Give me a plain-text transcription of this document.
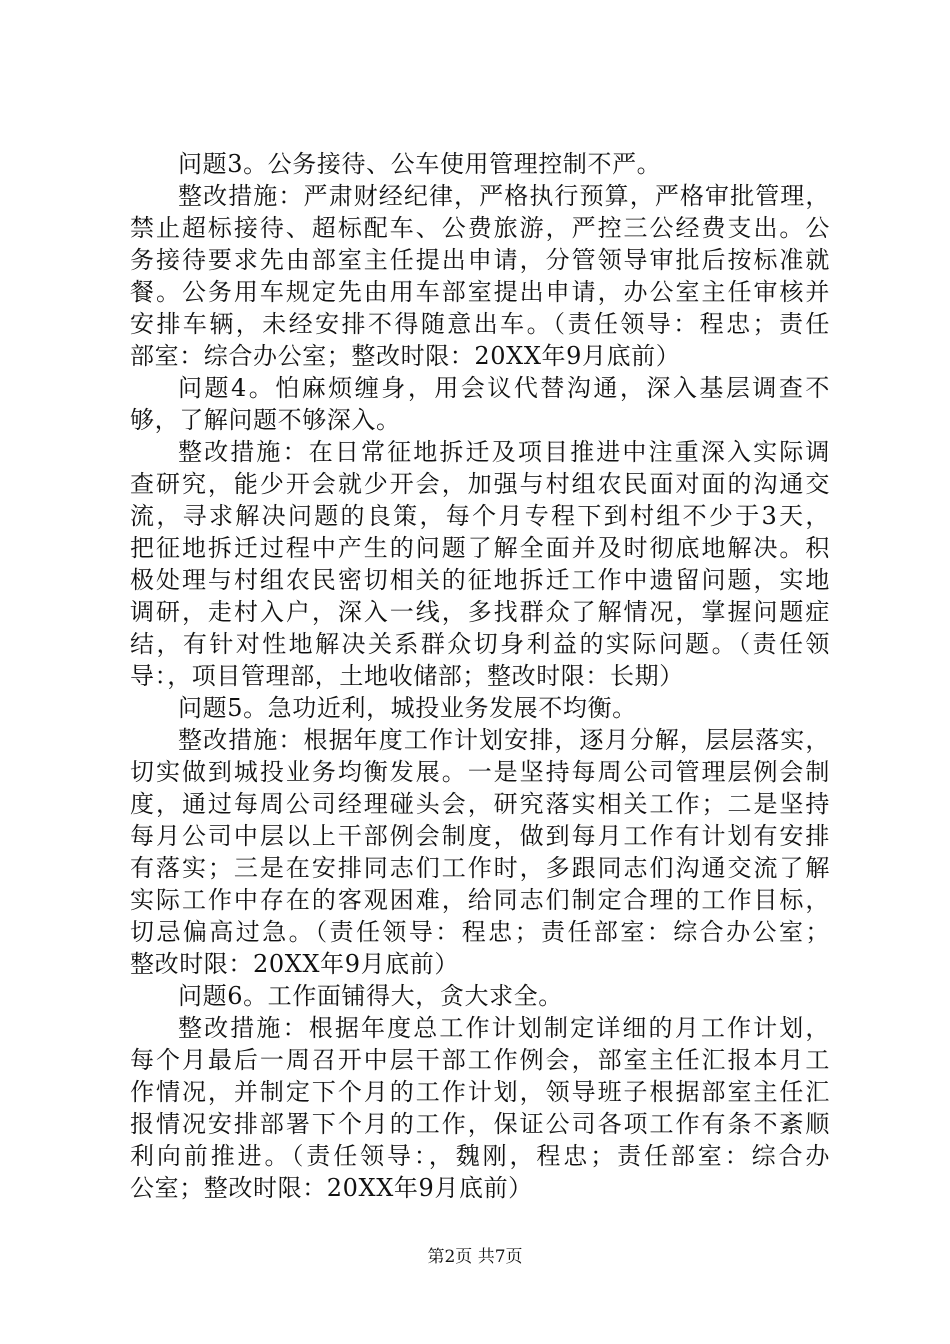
问题3。公务接待、公车使用管理控制不严。
整改措施：严肃财经纪律，严格执行预算，严格审批管理，
禁止超标接待、超标配车、公费旅游，严控三公经费支出。公
务接待要求先由部室主任提出申请，分管领导审批后按标准就
餐。公务用车规定先由用车部室提出申请，办公室主任审核并
安排车辆，未经安排不得随意出车。（责任领导：程忠；责任
部室：综合办公室；整改时限：20XX年9月底前）
问题4。怕麻烦缠身，用会议代替沟通，深入基层调查不
够，了解问题不够深入。
整改措施：在日常征地拆迁及项目推进中注重深入实际调
查研究，能少开会就少开会，加强与村组农民面对面的沟通交
流，寻求解决问题的良策，每个月专程下到村组不少于3天，
把征地拆迁过程中产生的问题了解全面并及时彻底地解决。积
极处理与村组农民密切相关的征地拆迁工作中遗留问题，实地
调研，走村入户，深入一线，多找群众了解情况，掌握问题症
结，有针对性地解决关系群众切身利益的实际问题。（责任领
导：，项目管理部，土地收储部；整改时限：长期）
问题5。急功近利，城投业务发展不均衡。
整改措施：根据年度工作计划安排，逐月分解，层层落实，
切实做到城投业务均衡发展。一是坚持每周公司管理层例会制
度，通过每周公司经理碰头会，研究落实相关工作；二是坚持
每月公司中层以上干部例会制度，做到每月工作有计划有安排
有落实；三是在安排同志们工作时，多跟同志们沟通交流了解
实际工作中存在的客观困难，给同志们制定合理的工作目标，
切忌偏高过急。（责任领导：程忠；责任部室：综合办公室；
整改时限：20XX年9月底前）
问题6。工作面铺得大，贪大求全。
整改措施：根据年度总工作计划制定详细的月工作计划，
每个月最后一周召开中层干部工作例会，部室主任汇报本月工
作情况，并制定下个月的工作计划，领导班子根据部室主任汇
报情况安排部署下个月的工作，保证公司各项工作有条不紊顺
利向前推进。（责任领导：，魏刚，程忠；责任部室：综合办
公室；整改时限：20XX年9月底前）
第2页 共7页
